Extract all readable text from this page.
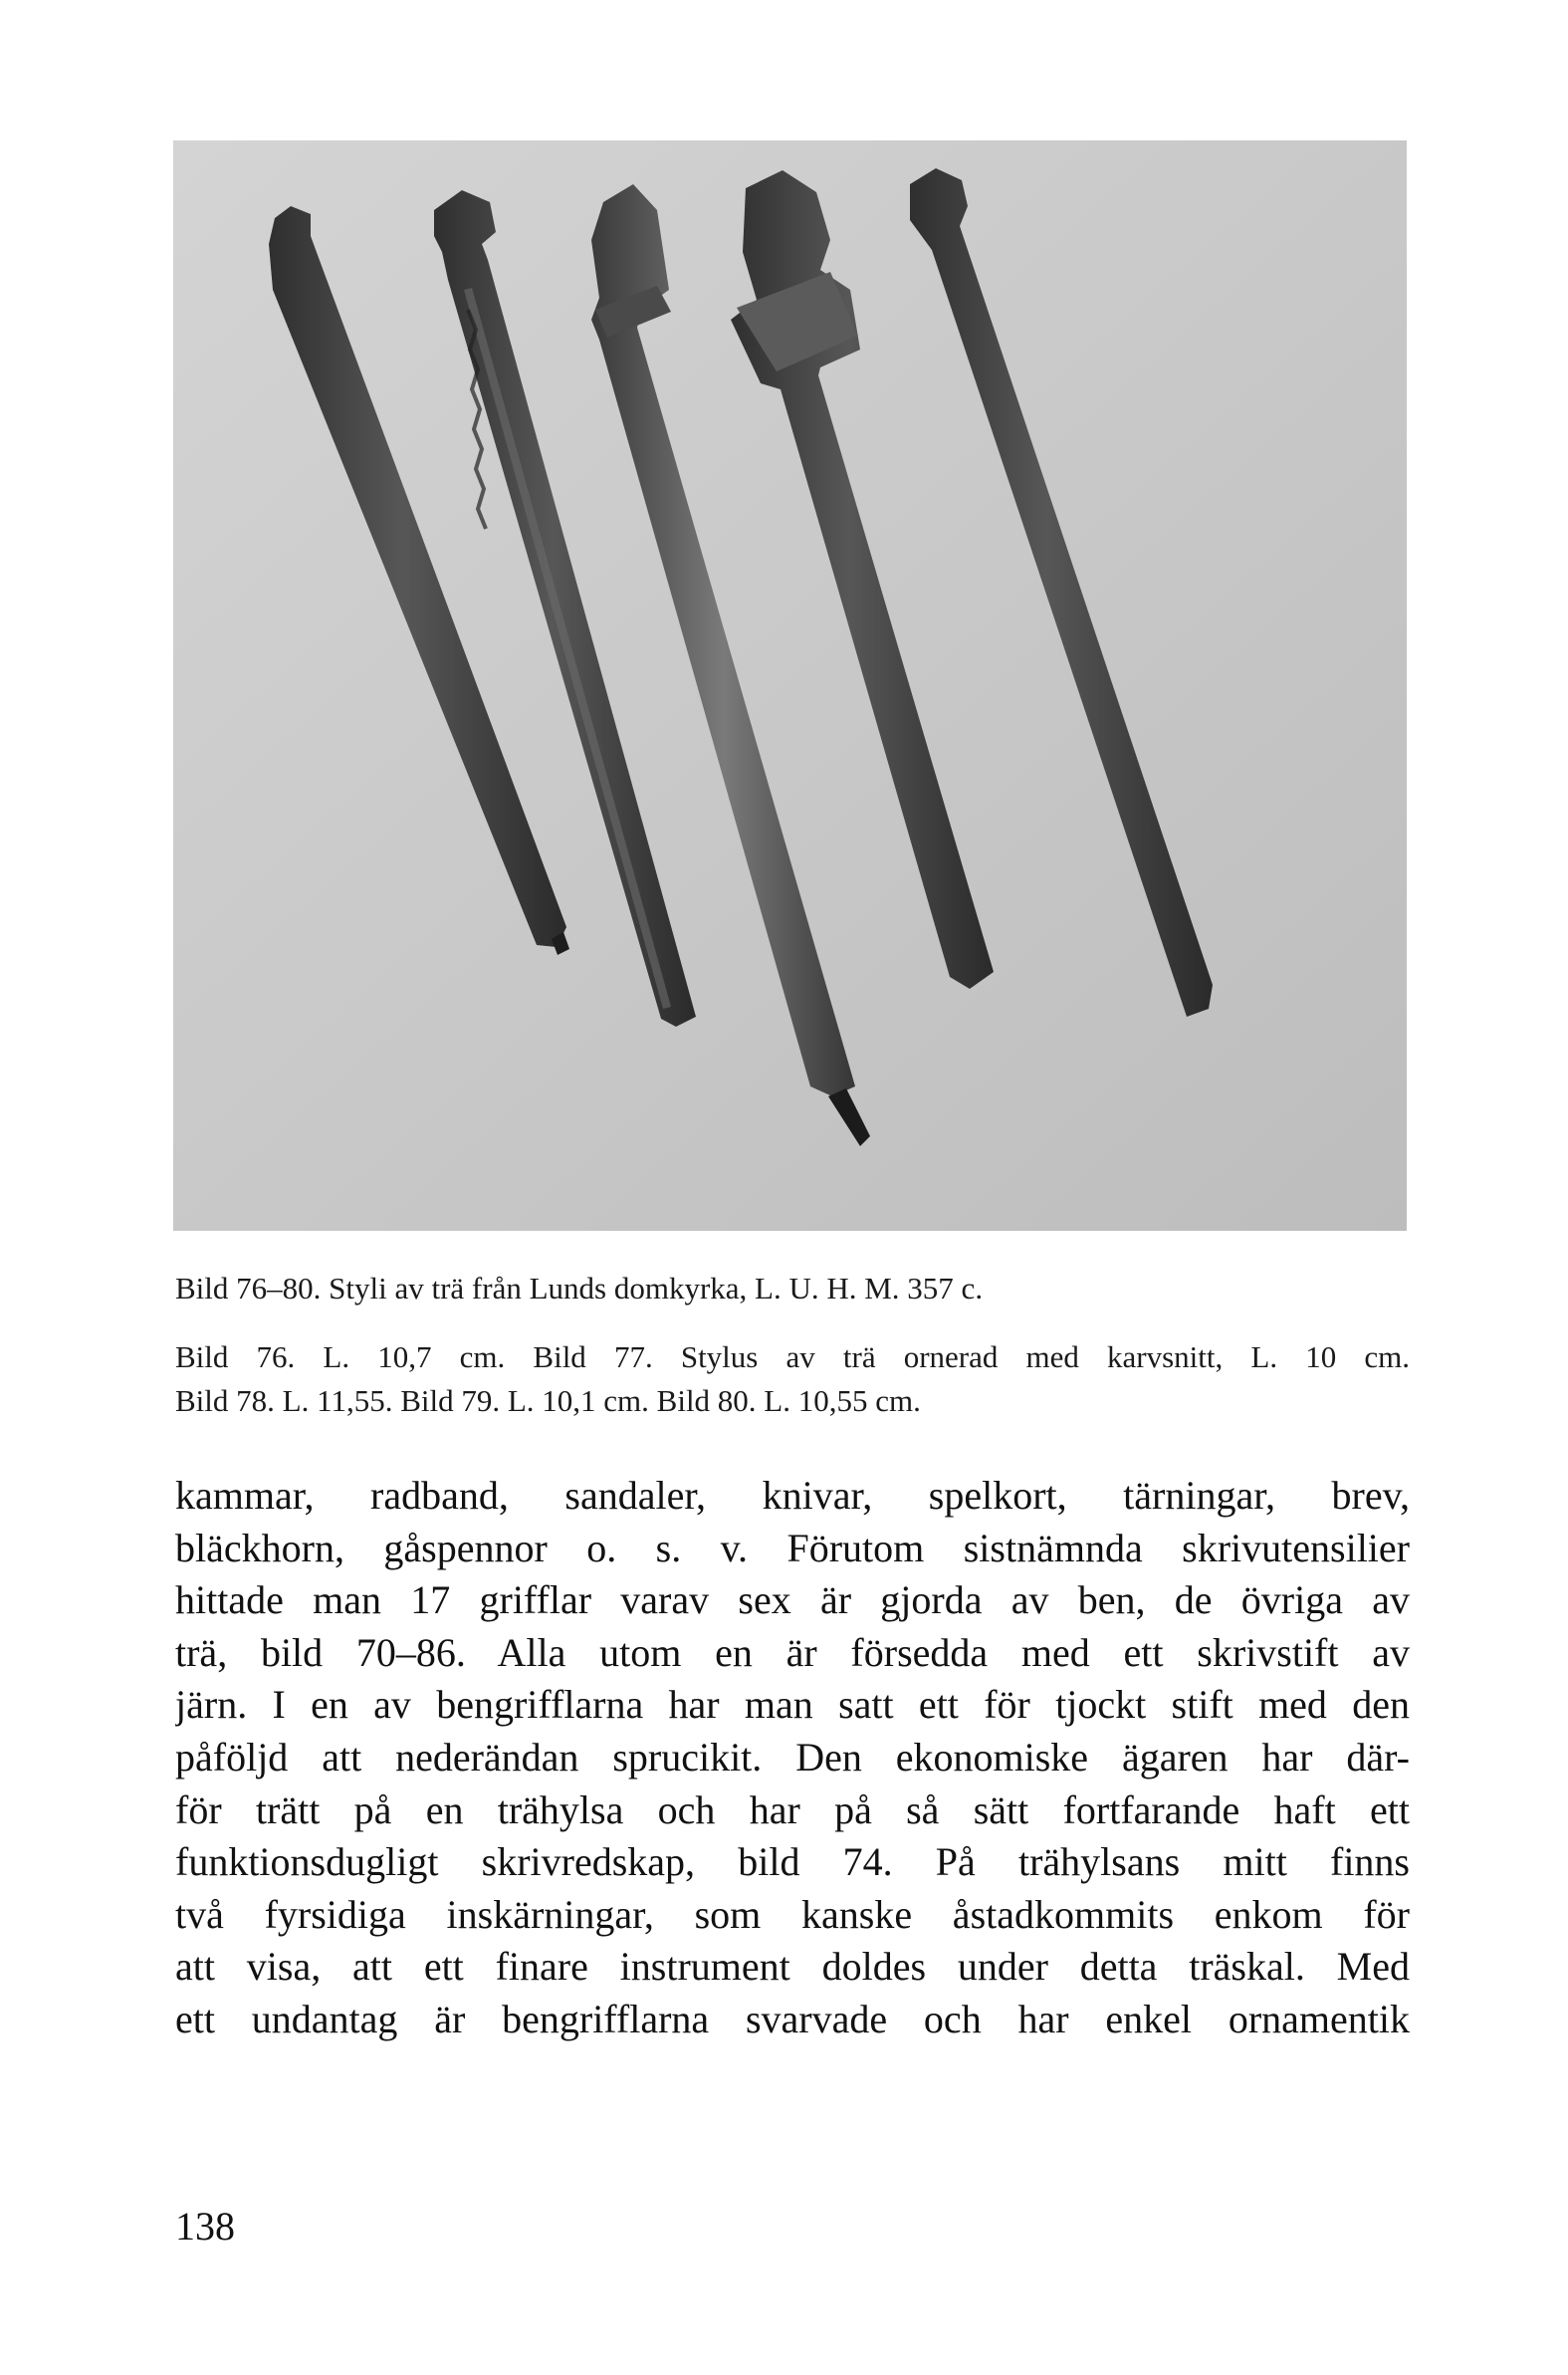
Bild 76–80. Styli av trä från Lunds domkyrka, L. U. H. M. 357 c.
Bild 76. L. 10,7 cm. Bild 77. Stylus av trä ornerad med karvsnitt, L. 10 cm.
Bild 78. L. 11,55. Bild 79. L. 10,1 cm. Bild 80. L. 10,55 cm.
kammar, radband, sandaler, knivar, spelkort, tärningar, brev,
bläckhorn, gåspennor o. s. v. Förutom sistnämnda skrivutensilier
hittade man 17 grifflar varav sex är gjorda av ben, de övriga av
trä, bild 70–86. Alla utom en är försedda med ett skrivstift av
järn. I en av bengrifflarna har man satt ett för tjockt stift med den
påföljd att nederändan sprucikit. Den ekonomiske ägaren har där-
för trätt på en trähylsa och har på så sätt fortfarande haft ett
funktionsdugligt skrivredskap, bild 74. På trähylsans mitt finns
två fyrsidiga inskärningar, som kanske åstadkommits enkom för
att visa, att ett finare instrument doldes under detta träskal. Med
ett undantag är bengrifflarna svarvade och har enkel ornamentik
138
